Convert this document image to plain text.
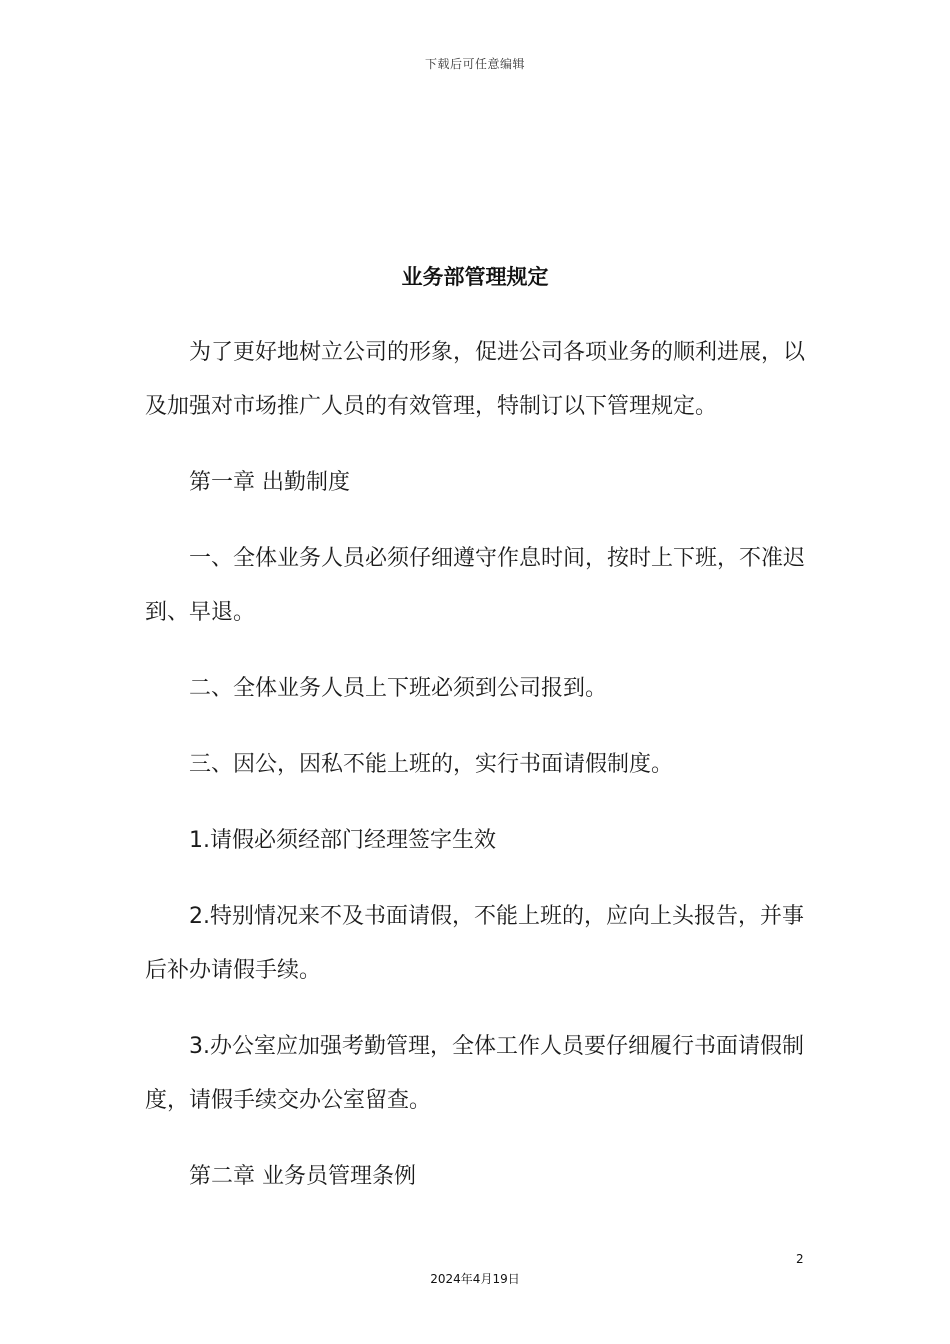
下载后可任意编辑
业务部管理规定

为了更好地树立公司的形象，促进公司各项业务的顺利进展，以及加强对市场推广人员的有效管理，特制订以下管理规定。

第一章 出勤制度

一、全体业务人员必须仔细遵守作息时间，按时上下班，不准迟到、早退。

二、全体业务人员上下班必须到公司报到。

三、因公，因私不能上班的，实行书面请假制度。

1.请假必须经部门经理签字生效

2.特别情况来不及书面请假，不能上班的，应向上头报告，并事后补办请假手续。

3.办公室应加强考勤管理，全体工作人员要仔细履行书面请假制度，请假手续交办公室留查。

第二章 业务员管理条例

2
2024年4月19日
